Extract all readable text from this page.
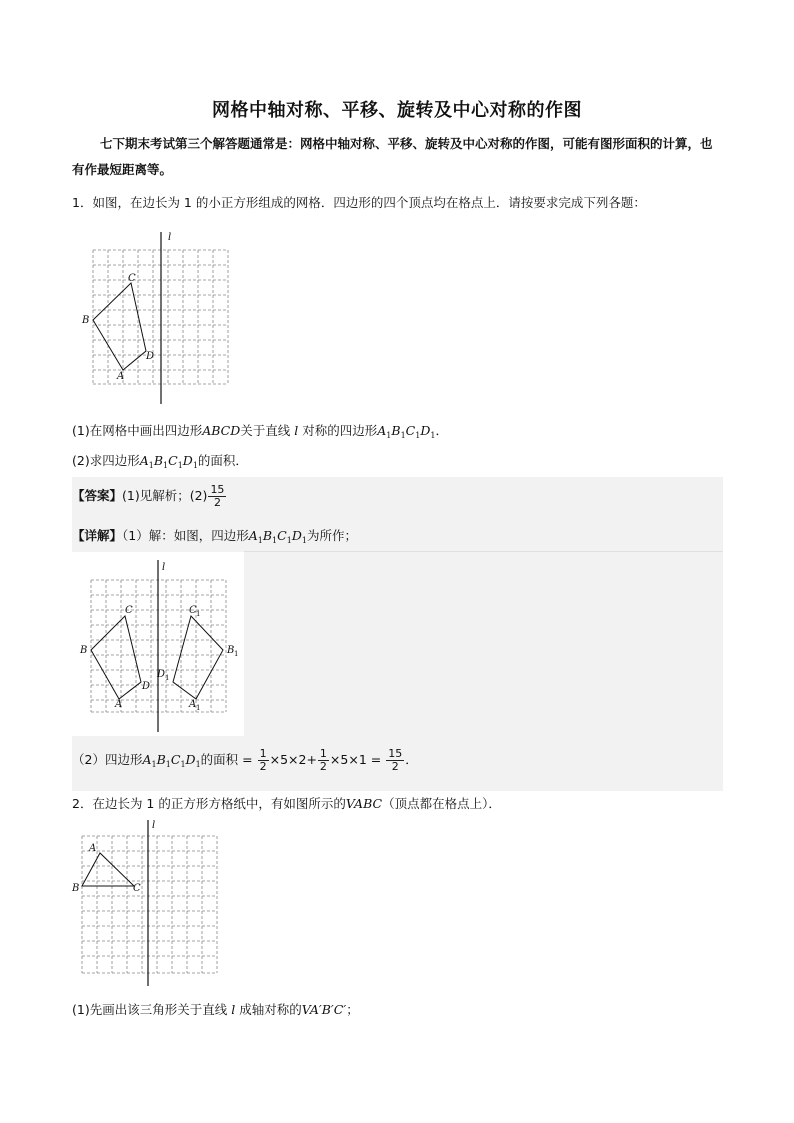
网格中轴对称、平移、旋转及中心对称的作图
七下期末考试第三个解答题通常是：网格中轴对称、平移、旋转及中心对称的作图，可能有图形面积的计算，也有作最短距离等。
1．如图，在边长为 1 的小正方形组成的网格．四边形的四个顶点均在格点上．请按要求完成下列各题：
l
C
B
D
A
(1)在网格中画出四边形ABCD关于直线 l 对称的四边形$A_1B_1C_1D_1$．
(2)求四边形$A_1B_1C_1D_1$的面积．
【答案】(1)见解析；$(2) \frac{15}{2}$
【详解】（1）解：如图，四边形$A_1B_1C_1D_1$为所作；
l
C
B
D
A
C 1
B 1
D 1
A 1
（2）四边形$A_1B_1C_1D_1$的面积 = $\frac{1}{2} \times 5\times 2+ \frac{1}{2} \times 5\times 1 = \frac{15}{2}$ ．
2．在边长为 1 的正方形方格纸中，有如图所示的VABC（顶点都在格点上）．
l
A
B	C
(1)先画出该三角形关于直线 l 成轴对称的VA′B′C′；
